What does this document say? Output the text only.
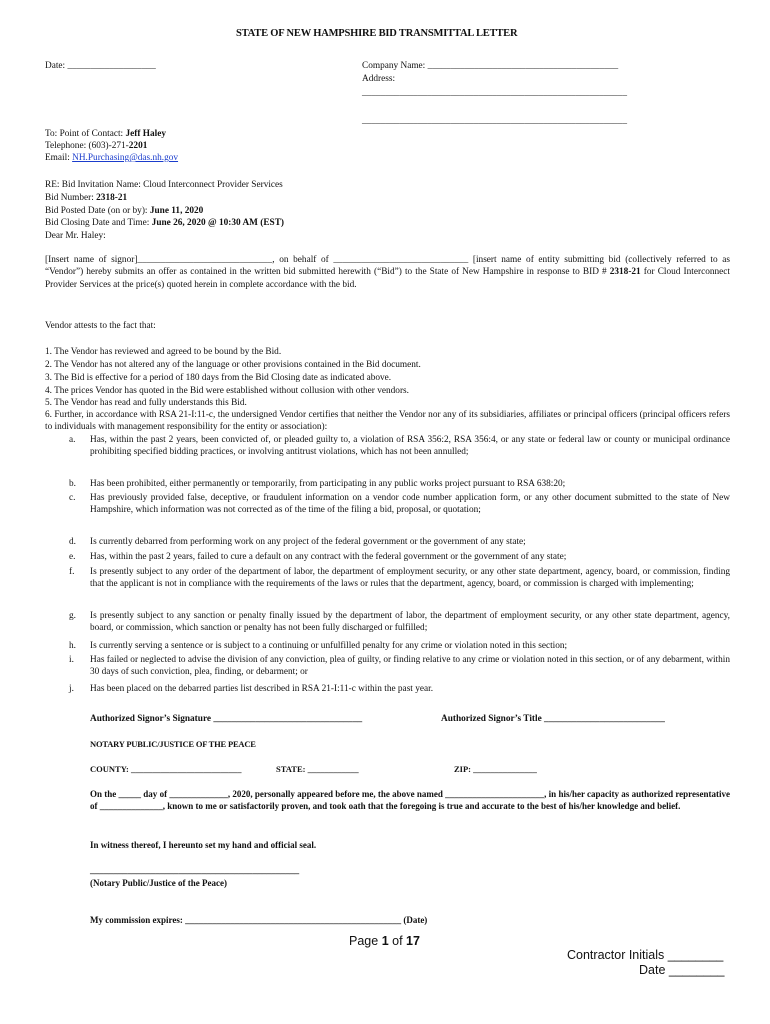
STATE OF NEW HAMPSHIRE BID TRANSMITTAL LETTER
Date: ___________________	Company Name: _________________________________________
Address:
_________________________________________________________
_________________________________________________________
To: Point of Contact: Jeff Haley
Telephone: (603)-271-2201
Email: NH.Purchasing@das.nh.gov
RE: Bid Invitation Name: Cloud Interconnect Provider Services
Bid Number: 2318-21
Bid Posted Date (on or by): June 11, 2020
Bid Closing Date and Time: June 26, 2020 @ 10:30 AM (EST)
Dear Mr. Haley:
[Insert name of signor]_____________________________, on behalf of _____________________________ [insert name of entity submitting bid (collectively referred to as “Vendor”) hereby submits an offer as contained in the written bid submitted herewith (“Bid”) to the State of New Hampshire in response to BID # 2318-21 for Cloud Interconnect Provider Services at the price(s) quoted herein in complete accordance with the bid.
Vendor attests to the fact that:
1. The Vendor has reviewed and agreed to be bound by the Bid.
2. The Vendor has not altered any of the language or other provisions contained in the Bid document.
3. The Bid is effective for a period of 180 days from the Bid Closing date as indicated above.
4. The prices Vendor has quoted in the Bid were established without collusion with other vendors.
5. The Vendor has read and fully understands this Bid.
6. Further, in accordance with RSA 21-I:11-c, the undersigned Vendor certifies that neither the Vendor nor any of its subsidiaries, affiliates or principal officers (principal officers refers to individuals with management responsibility for the entity or association):
a. Has, within the past 2 years, been convicted of, or pleaded guilty to, a violation of RSA 356:2, RSA 356:4, or any state or federal law or county or municipal ordinance prohibiting specified bidding practices, or involving antitrust violations, which has not been annulled;
b. Has been prohibited, either permanently or temporarily, from participating in any public works project pursuant to RSA 638:20;
c. Has previously provided false, deceptive, or fraudulent information on a vendor code number application form, or any other document submitted to the state of New Hampshire, which information was not corrected as of the time of the filing a bid, proposal, or quotation;
d. Is currently debarred from performing work on any project of the federal government or the government of any state;
e. Has, within the past 2 years, failed to cure a default on any contract with the federal government or the government of any state;
f. Is presently subject to any order of the department of labor, the department of employment security, or any other state department, agency, board, or commission, finding that the applicant is not in compliance with the requirements of the laws or rules that the department, agency, board, or commission is charged with implementing;
g. Is presently subject to any sanction or penalty finally issued by the department of labor, the department of employment security, or any other state department, agency, board, or commission, which sanction or penalty has not been fully discharged or fulfilled;
h. Is currently serving a sentence or is subject to a continuing or unfulfilled penalty for any crime or violation noted in this section;
i. Has failed or neglected to advise the division of any conviction, plea of guilty, or finding relative to any crime or violation noted in this section, or of any debarment, within 30 days of such conviction, plea, finding, or debarment; or
j. Has been placed on the debarred parties list described in RSA 21-I:11-c within the past year.
Authorized Signor’s Signature ________________________________	Authorized Signor’s Title __________________________
NOTARY PUBLIC/JUSTICE OF THE PEACE
COUNTY: __________________________	STATE: ____________	ZIP: _______________
On the _____ day of _____________, 2020, personally appeared before me, the above named ______________________, in his/her capacity as authorized representative of ______________, known to me or satisfactorily proven, and took oath that the foregoing is true and accurate to the best of his/her knowledge and belief.
In witness thereof, I hereunto set my hand and official seal.
_____________________________________________
(Notary Public/Justice of the Peace)
My commission expires: ________________________________________________ (Date)
Page 1 of 17
Contractor Initials ________
Date ________
